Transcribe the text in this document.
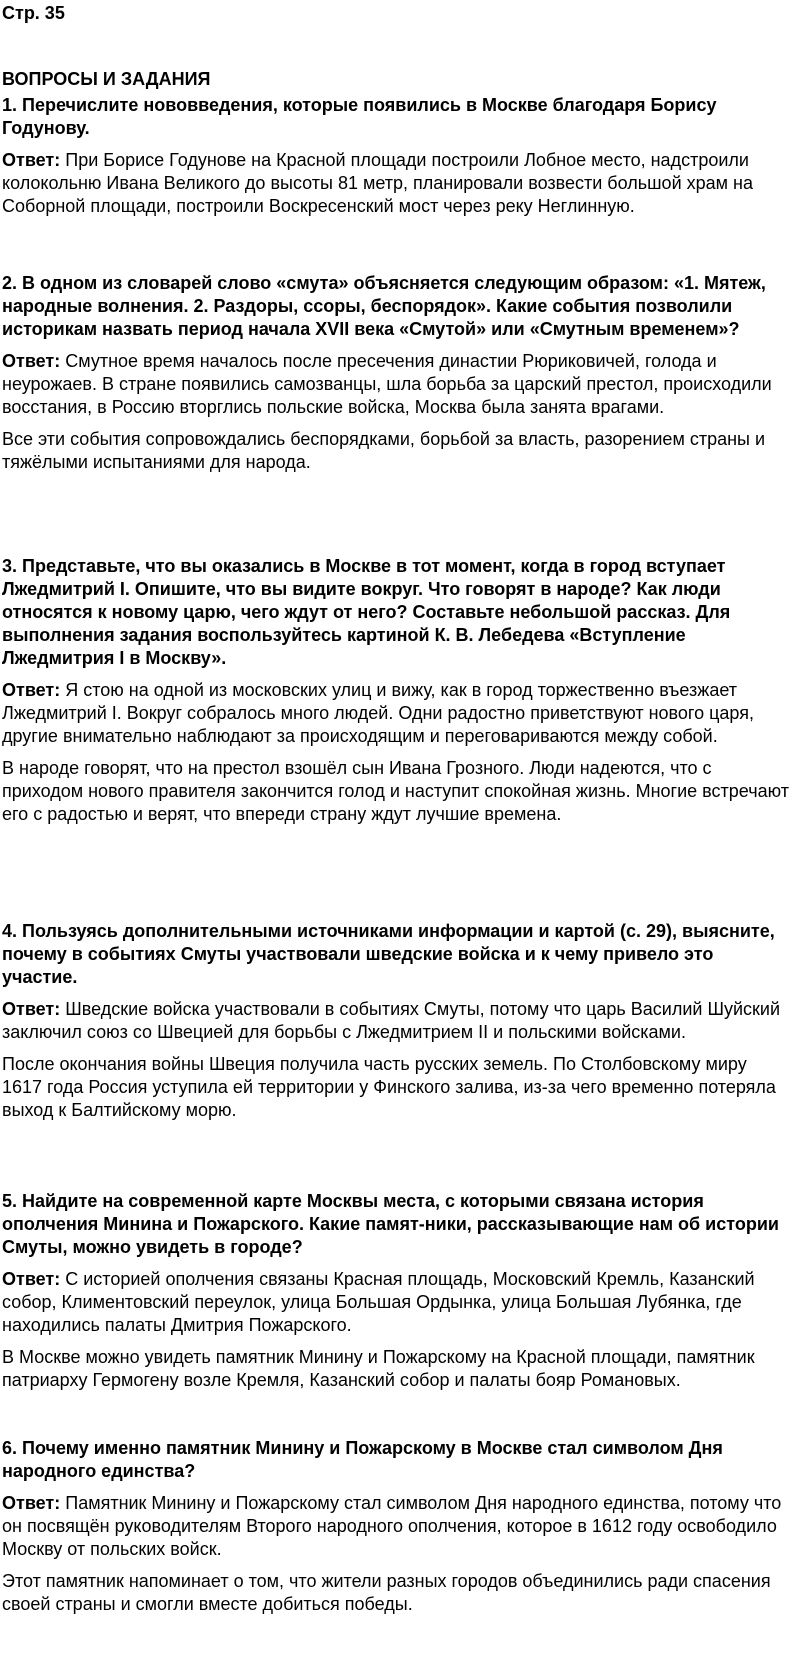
Стр. 35
ВОПРОСЫ И ЗАДАНИЯ
1. Перечислите нововведения, которые появились в Москве благодаря Борису Годунову.

Ответ: При Борисе Годунове на Красной площади построили Лобное место, надстроили колокольню Ивана Великого до высоты 81 метр, планировали возвести большой храм на Соборной площади, построили Воскресенский мост через реку Неглинную.

2. В одном из словарей слово «смута» объясняется следующим образом: «1. Мятеж, народные волнения. 2. Раздоры, ссоры, беспорядок». Какие события позволили историкам назвать период начала XVII века «Смутой» или «Смутным временем»?

Ответ: Смутное время началось после пресечения династии Рюриковичей, голода и неурожаев. В стране появились самозванцы, шла борьба за царский престол, происходили восстания, в Россию вторглись польские войска, Москва была занята врагами.

Все эти события сопровождались беспорядками, борьбой за власть, разорением страны и тяжёлыми испытаниями для народа.

3. Представьте, что вы оказались в Москве в тот момент, когда в город вступает Лжедмитрий I. Опишите, что вы видите вокруг. Что говорят в народе? Как люди относятся к новому царю, чего ждут от него? Составьте небольшой рассказ. Для выполнения задания воспользуйтесь картиной К. В. Лебедева «Вступление Лжедмитрия I в Москву».

Ответ: Я стою на одной из московских улиц и вижу, как в город торжественно въезжает Лжедмитрий I. Вокруг собралось много людей. Одни радостно приветствуют нового царя, другие внимательно наблюдают за происходящим и переговариваются между собой.

В народе говорят, что на престол взошёл сын Ивана Грозного. Люди надеются, что с приходом нового правителя закончится голод и наступит спокойная жизнь. Многие встречают его с радостью и верят, что впереди страну ждут лучшие времена.

4. Пользуясь дополнительными источниками информации и картой (с. 29), выясните, почему в событиях Смуты участвовали шведские войска и к чему привело это участие.

Ответ: Шведские войска участвовали в событиях Смуты, потому что царь Василий Шуйский заключил союз со Швецией для борьбы с Лжедмитрием II и польскими войсками.

После окончания войны Швеция получила часть русских земель. По Столбовскому миру 1617 года Россия уступила ей территории у Финского залива, из-за чего временно потеряла выход к Балтийскому морю.

5. Найдите на современной карте Москвы места, с которыми связана история ополчения Минина и Пожарского. Какие памят-ники, рассказывающие нам об истории Смуты, можно увидеть в городе?

Ответ: С историей ополчения связаны Красная площадь, Московский Кремль, Казанский собор, Климентовский переулок, улица Большая Ордынка, улица Большая Лубянка, где находились палаты Дмитрия Пожарского.

В Москве можно увидеть памятник Минину и Пожарскому на Красной площади, памятник патриарху Гермогену возле Кремля, Казанский собор и палаты бояр Романовых.

6. Почему именно памятник Минину и Пожарскому в Москве стал символом Дня народного единства?

Ответ: Памятник Минину и Пожарскому стал символом Дня народного единства, потому что он посвящён руководителям Второго народного ополчения, которое в 1612 году освободило Москву от польских войск.

Этот памятник напоминает о том, что жители разных городов объединились ради спасения своей страны и смогли вместе добиться победы.
